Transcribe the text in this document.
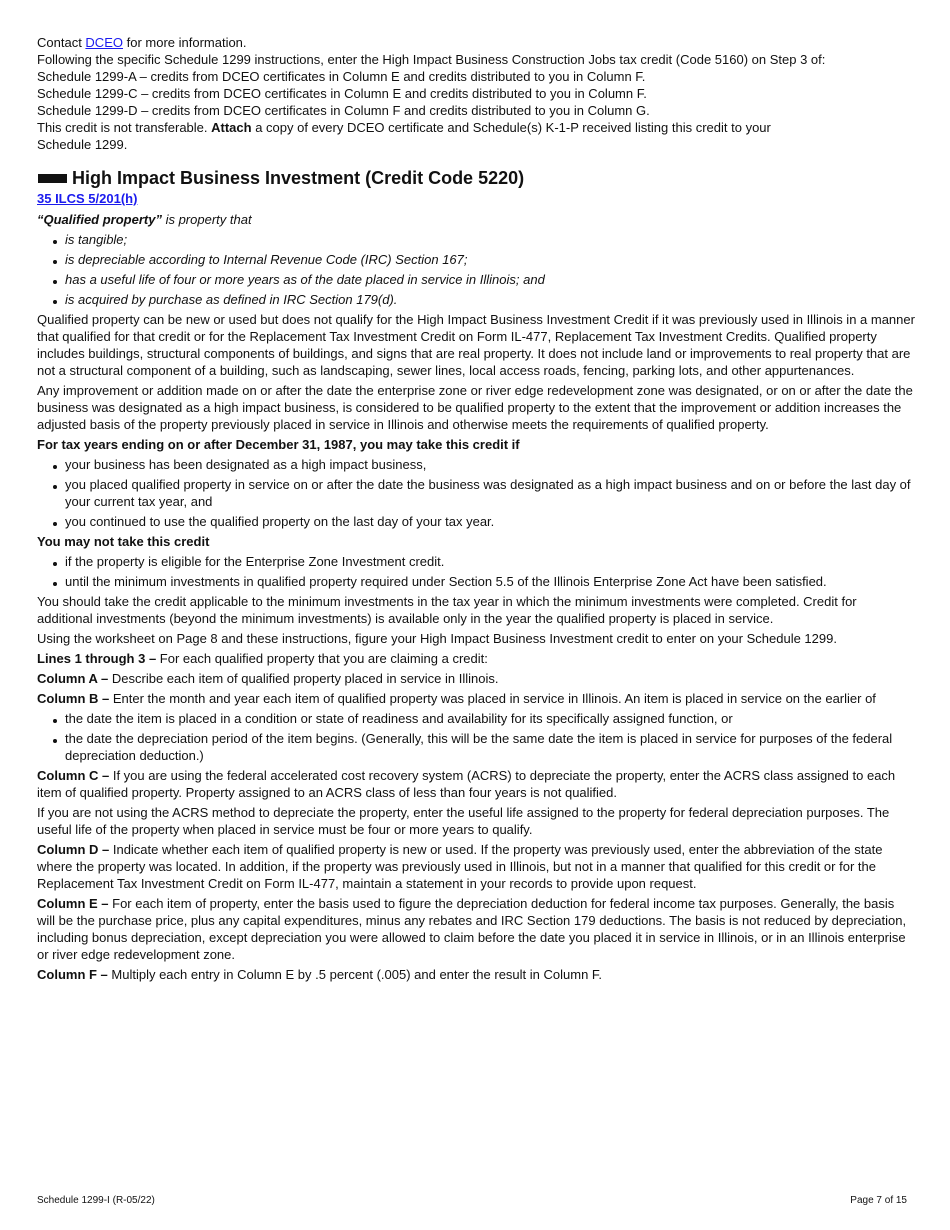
Contact DCEO for more information.

Following the specific Schedule 1299 instructions, enter the High Impact Business Construction Jobs tax credit (Code 5160) on Step 3 of:

Schedule 1299-A – credits from DCEO certificates in Column E and credits distributed to you in Column F.

Schedule 1299-C – credits from DCEO certificates in Column E and credits distributed to you in Column F.

Schedule 1299-D – credits from DCEO certificates in Column F and credits distributed to you in Column G.

This credit is not transferable. Attach a copy of every DCEO certificate and Schedule(s) K-1-P received listing this credit to your

Schedule 1299.

High Impact Business Investment (Credit Code 5220)
35 ILCS 5/201(h)

“Qualified property” is property that

is tangible;
is depreciable according to Internal Revenue Code (IRC) Section 167;
has a useful life of four or more years as of the date placed in service in Illinois; and
is acquired by purchase as defined in IRC Section 179(d).

Qualified property can be new or used but does not qualify for the High Impact Business Investment Credit if it was previously used in Illinois in a manner that qualified for that credit or for the Replacement Tax Investment Credit on Form IL-477, Replacement Tax Investment Credits. Qualified property includes buildings, structural components of buildings, and signs that are real property. It does not include land or improvements to real property that are not a structural component of a building, such as landscaping, sewer lines, local access roads, fencing, parking lots, and other appurtenances.

Any improvement or addition made on or after the date the enterprise zone or river edge redevelopment zone was designated, or on or after the date the business was designated as a high impact business, is considered to be qualified property to the extent that the improvement or addition increases the adjusted basis of the property previously placed in service in Illinois and otherwise meets the requirements of qualified property.

For tax years ending on or after December 31, 1987, you may take this credit if

your business has been designated as a high impact business,
you placed qualified property in service on or after the date the business was designated as a high impact business and on or before the last day of your current tax year, and
you continued to use the qualified property on the last day of your tax year.

You may not take this credit

if the property is eligible for the Enterprise Zone Investment credit.
until the minimum investments in qualified property required under Section 5.5 of the Illinois Enterprise Zone Act have been satisfied.

You should take the credit applicable to the minimum investments in the tax year in which the minimum investments were completed. Credit for additional investments (beyond the minimum investments) is available only in the year the qualified property is placed in service.

Using the worksheet on Page 8 and these instructions, figure your High Impact Business Investment credit to enter on your Schedule 1299.

Lines 1 through 3 – For each qualified property that you are claiming a credit:

Column A – Describe each item of qualified property placed in service in Illinois.

Column B – Enter the month and year each item of qualified property was placed in service in Illinois. An item is placed in service on the earlier of

the date the item is placed in a condition or state of readiness and availability for its specifically assigned function, or
the date the depreciation period of the item begins. (Generally, this will be the same date the item is placed in service for purposes of the federal depreciation deduction.)

Column C – If you are using the federal accelerated cost recovery system (ACRS) to depreciate the property, enter the ACRS class assigned to each item of qualified property. Property assigned to an ACRS class of less than four years is not qualified.

If you are not using the ACRS method to depreciate the property, enter the useful life assigned to the property for federal depreciation purposes. The useful life of the property when placed in service must be four or more years to qualify.

Column D – Indicate whether each item of qualified property is new or used. If the property was previously used, enter the abbreviation of the state where the property was located. In addition, if the property was previously used in Illinois, but not in a manner that qualified for this credit or for the Replacement Tax Investment Credit on Form IL-477, maintain a statement in your records to provide upon request.

Column E – For each item of property, enter the basis used to figure the depreciation deduction for federal income tax purposes. Generally, the basis will be the purchase price, plus any capital expenditures, minus any rebates and IRC Section 179 deductions. The basis is not reduced by depreciation, including bonus depreciation, except depreciation you were allowed to claim before the date you placed it in service in Illinois, or in an Illinois enterprise or river edge redevelopment zone.

Column F – Multiply each entry in Column E by .5 percent (.005) and enter the result in Column F.

Schedule 1299-I (R-05/22)	Page 7 of 15
